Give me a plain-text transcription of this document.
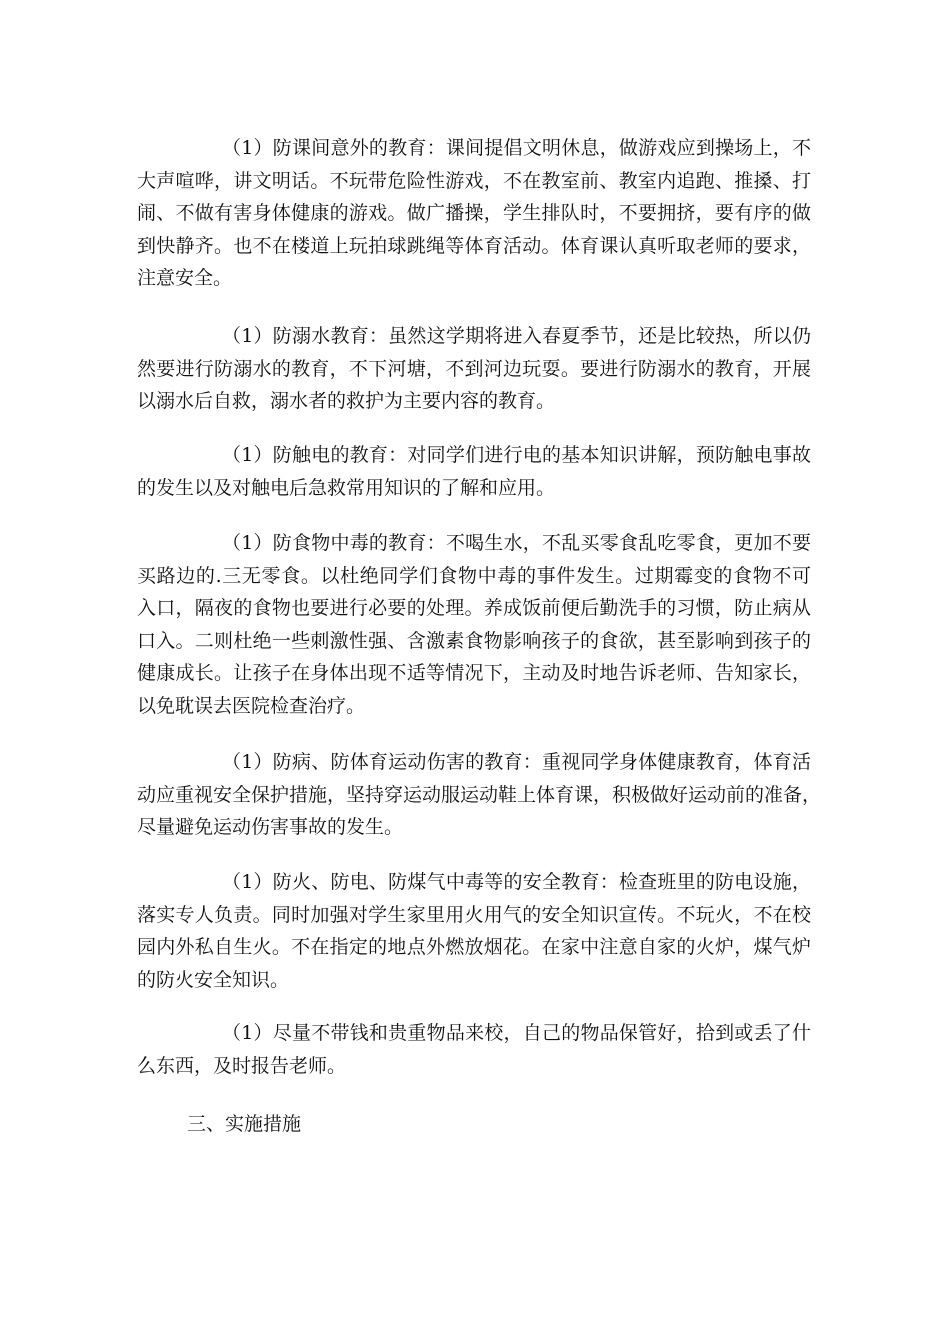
（1）防课间意外的教育：课间提倡文明休息，做游戏应到操场上，不
大声喧哗，讲文明话。不玩带危险性游戏，不在教室前、教室内追跑、推搡、打
闹、不做有害身体健康的游戏。做广播操，学生排队时，不要拥挤，要有序的做
到快静齐。也不在楼道上玩拍球跳绳等体育活动。体育课认真听取老师的要求，
注意安全。
（1）防溺水教育：虽然这学期将进入春夏季节，还是比较热，所以仍
然要进行防溺水的教育，不下河塘，不到河边玩耍。要进行防溺水的教育，开展
以溺水后自救，溺水者的救护为主要内容的教育。
（1）防触电的教育：对同学们进行电的基本知识讲解，预防触电事故
的发生以及对触电后急救常用知识的了解和应用。
（1）防食物中毒的教育：不喝生水，不乱买零食乱吃零食，更加不要
买路边的.三无零食。以杜绝同学们食物中毒的事件发生。过期霉变的食物不可
入口，隔夜的食物也要进行必要的处理。养成饭前便后勤洗手的习惯，防止病从
口入。二则杜绝一些刺激性强、含激素食物影响孩子的食欲，甚至影响到孩子的
健康成长。让孩子在身体出现不适等情况下，主动及时地告诉老师、告知家长，
以免耽误去医院检查治疗。
（1）防病、防体育运动伤害的教育：重视同学身体健康教育，体育活
动应重视安全保护措施，坚持穿运动服运动鞋上体育课，积极做好运动前的准备，
尽量避免运动伤害事故的发生。
（1）防火、防电、防煤气中毒等的安全教育：检查班里的防电设施，
落实专人负责。同时加强对学生家里用火用气的安全知识宣传。不玩火，不在校
园内外私自生火。不在指定的地点外燃放烟花。在家中注意自家的火炉，煤气炉
的防火安全知识。
（1）尽量不带钱和贵重物品来校，自己的物品保管好，拾到或丢了什
么东西，及时报告老师。
三、实施措施
